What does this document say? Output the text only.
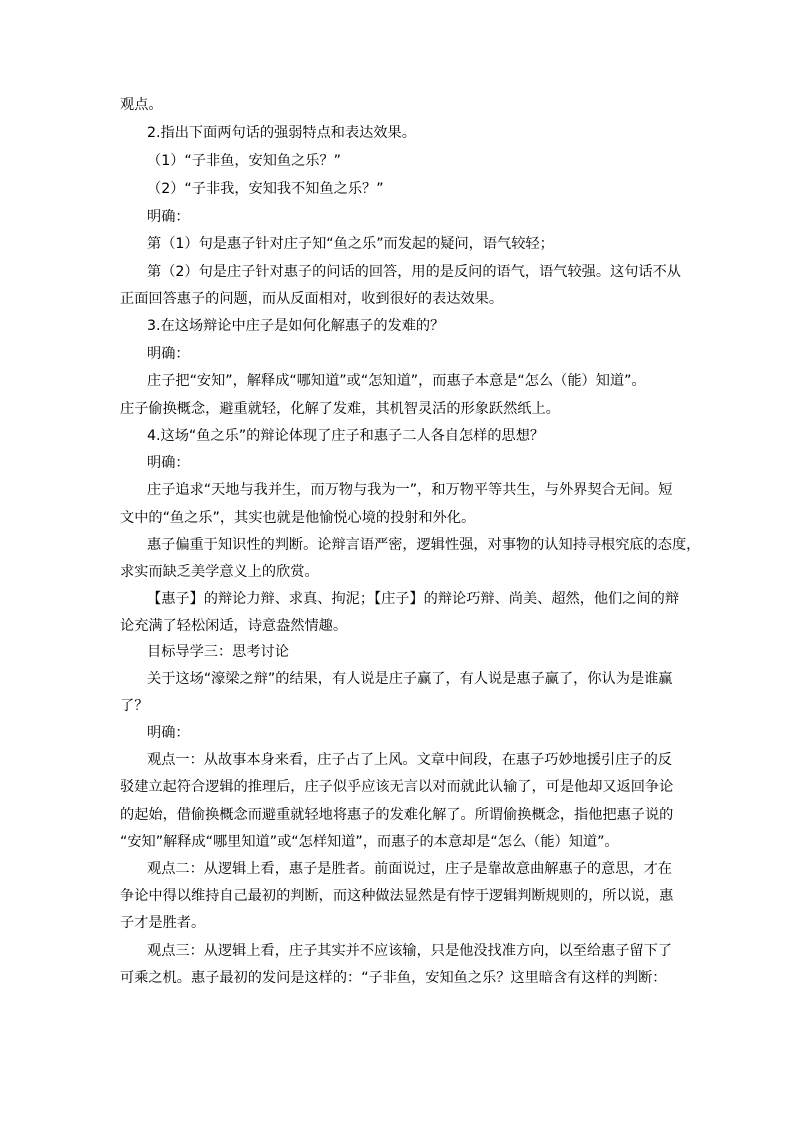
观点。
2.指出下面两句话的强弱特点和表达效果。
（1）“子非鱼，安知鱼之乐？”
（2）“子非我，安知我不知鱼之乐？”
明确：
第（1）句是惠子针对庄子知“鱼之乐”而发起的疑问，语气较轻；
第（2）句是庄子针对惠子的问话的回答，用的是反问的语气，语气较强。这句话不从
正面回答惠子的问题，而从反面相对，收到很好的表达效果。
3.在这场辩论中庄子是如何化解惠子的发难的？
明确：
庄子把“安知”，解释成“哪知道”或“怎知道”，而惠子本意是“怎么（能）知道”。
庄子偷换概念，避重就轻，化解了发难，其机智灵活的形象跃然纸上。
4.这场“鱼之乐”的辩论体现了庄子和惠子二人各自怎样的思想？
明确：
庄子追求“天地与我并生，而万物与我为一”，和万物平等共生，与外界契合无间。短
文中的“鱼之乐”，其实也就是他愉悦心境的投射和外化。
惠子偏重于知识性的判断。论辩言语严密，逻辑性强，对事物的认知持寻根究底的态度，
求实而缺乏美学意义上的欣赏。
【惠子】的辩论力辩、求真、拘泥；【庄子】的辩论巧辩、尚美、超然，他们之间的辩
论充满了轻松闲适，诗意盎然情趣。
目标导学三：思考讨论
关于这场“濠梁之辩”的结果，有人说是庄子赢了，有人说是惠子赢了，你认为是谁赢
了？
明确：
观点一：从故事本身来看，庄子占了上风。文章中间段，在惠子巧妙地援引庄子的反
驳建立起符合逻辑的推理后，庄子似乎应该无言以对而就此认输了，可是他却又返回争论
的起始，借偷换概念而避重就轻地将惠子的发难化解了。所谓偷换概念，指他把惠子说的
“安知”解释成“哪里知道”或“怎样知道”，而惠子的本意却是“怎么（能）知道”。
观点二：从逻辑上看，惠子是胜者。前面说过，庄子是靠故意曲解惠子的意思，才在
争论中得以维持自己最初的判断，而这种做法显然是有悖于逻辑判断规则的，所以说，惠
子才是胜者。
观点三：从逻辑上看，庄子其实并不应该输，只是他没找准方向，以至给惠子留下了
可乘之机。惠子最初的发问是这样的：“子非鱼，安知鱼之乐？这里暗含有这样的判断：
